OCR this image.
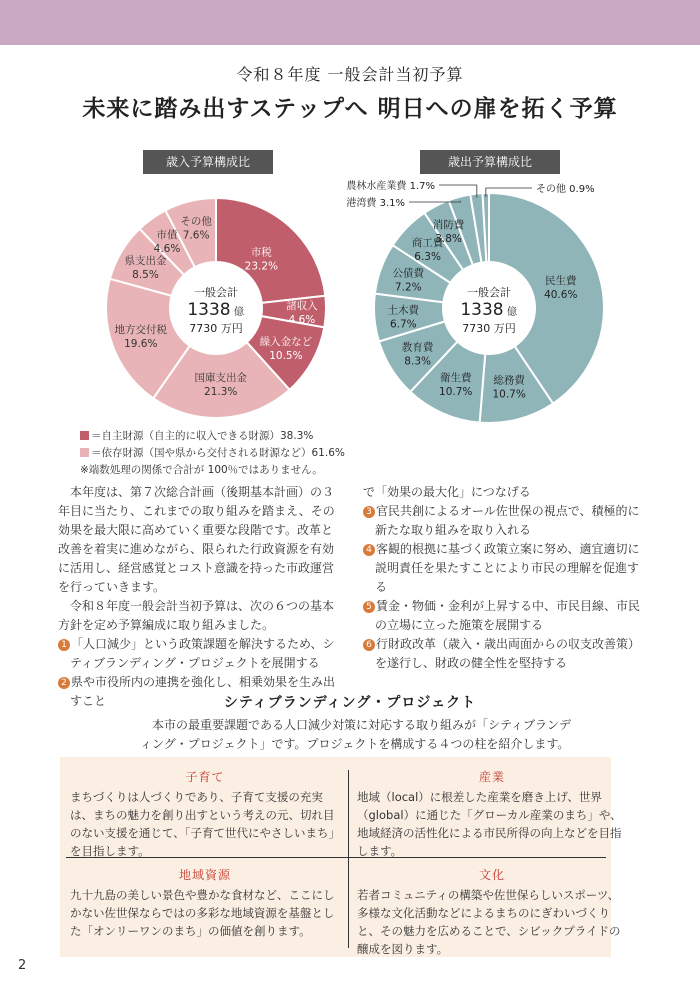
令和８年度 一般会計当初予算
未来に踏み出すステップへ 明日への扉を拓く予算
歳入予算構成比	歳出予算構成比
一般会計
1338 億
7730 万円
一般会計
1338 億
7730 万円
市税
23.2%
諸収入
4.6%
繰入金など
10.5%
国庫支出金
21.3%
地方交付税
19.6%
県支出金
8.5%
市債
4.6%
その他
7.6%
民生費
40.6%
総務費
10.7%
衛生費
10.7%
教育費
8.3%
土木費
6.7%
公債費
7.2%
商工費
6.3%
消防費
3.8%
港湾費 3.1%
農林水産業費 1.7%	その他 0.9%
＝自主財源（自主的に収入できる財源）38.3%
＝依存財源（国や県から交付される財源など）61.6%
※端数処理の関係で合計が 100％ではありません。

　本年度は、第７次総合計画（後期基本計画）の３年目に当たり、これまでの取り組みを踏まえ、その効果を最大限に高めていく重要な段階です。改革と改善を着実に進めながら、限られた行政資源を有効に活用し、経営感覚とコスト意識を持った市政運営を行っていきます。

　令和８年度一般会計当初予算は、次の６つの基本方針を定め予算編成に取り組みました。

1 「人口減少」という政策課題を解決するため、シティブランディング・プロジェクトを展開する

2 県や市役所内の連携を強化し、相乗効果を生み出すこと

で「効果の最大化」につなげる

3 官民共創によるオール佐世保の視点で、積極的に新たな取り組みを取り入れる

4 客観的根拠に基づく政策立案に努め、適宜適切に説明責任を果たすことにより市民の理解を促進する

5 賃金・物価・金利が上昇する中、市民目線、市民の立場に立った施策を展開する

6 行財政改革（歳入・歳出両面からの収支改善策）を遂行し、財政の健全性を堅持する

シティブランディング・プロジェクト
　本市の最重要課題である人口減少対策に対応する取り組みが「シティブランディング・プロジェクト」です。プロジェクトを構成する４つの柱を紹介します。
子育て
まちづくりは人づくりであり、子育て支援の充実は、まちの魅力を創り出すという考えの元、切れ目のない支援を通じて、「子育て世代にやさしいまち」を目指します。
産業
地域（local）に根差した産業を磨き上げ、世界（global）に通じた「グローカル産業のまち」や、地域経済の活性化による市民所得の向上などを目指します。
地域資源
九十九島の美しい景色や豊かな食材など、ここにしかない佐世保ならではの多彩な地域資源を基盤とした「オンリーワンのまち」の価値を創ります。
文化
若者コミュニティの構築や佐世保らしいスポーツ、多様な文化活動などによるまちのにぎわいづくりと、その魅力を広めることで、シビックプライドの醸成を図ります。
2
